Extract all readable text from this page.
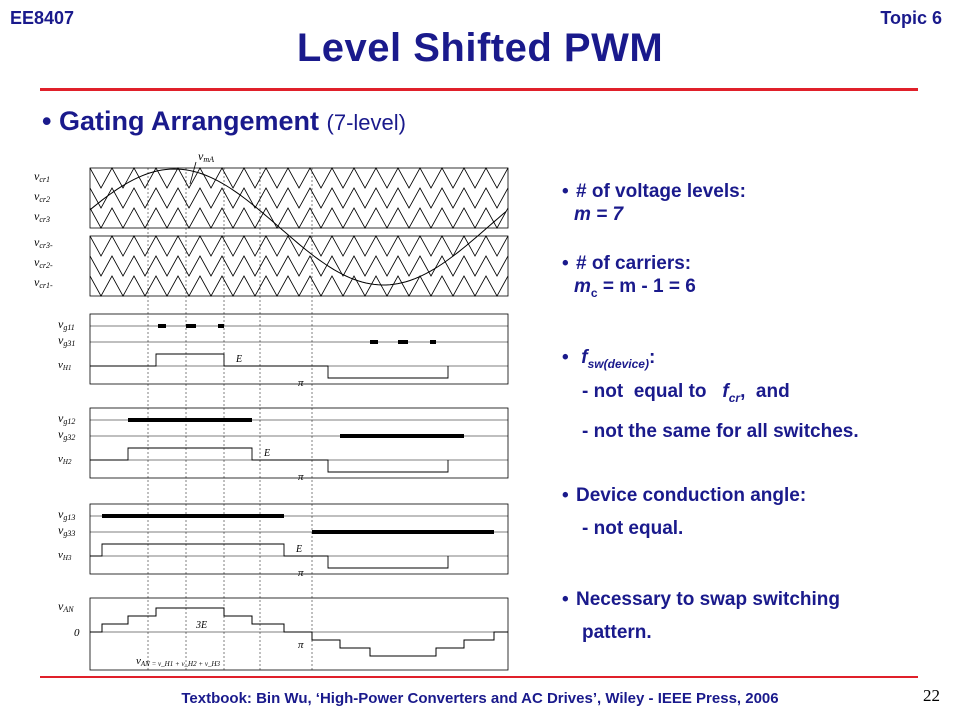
EE8407	Topic 6
Level Shifted PWM
• Gating Arrangement (7-level)
vmA
vcr1
vcr2
vcr3
vcr3-
vcr2-
vcr1-
vg11
vg31
vH1
E
π
vg12
vg32
vH2
E
π
vg13
vg33
vH3
E
π
vAN
0
3E
π
vAN = v_H1 + v_H2 + v_H3
• # of voltage levels:
m = 7
• # of carriers:
$m_c = m - 1 = 6$
• $f_{sw(device)}$:
- not  equal to   $f_{cr}$,  and
- not the same for all switches.
• Device conduction angle:
- not equal.
• Necessary to swap switching
pattern.
Textbook: Bin Wu, ‘High-Power Converters and AC Drives’, Wiley - IEEE Press, 2006	22
